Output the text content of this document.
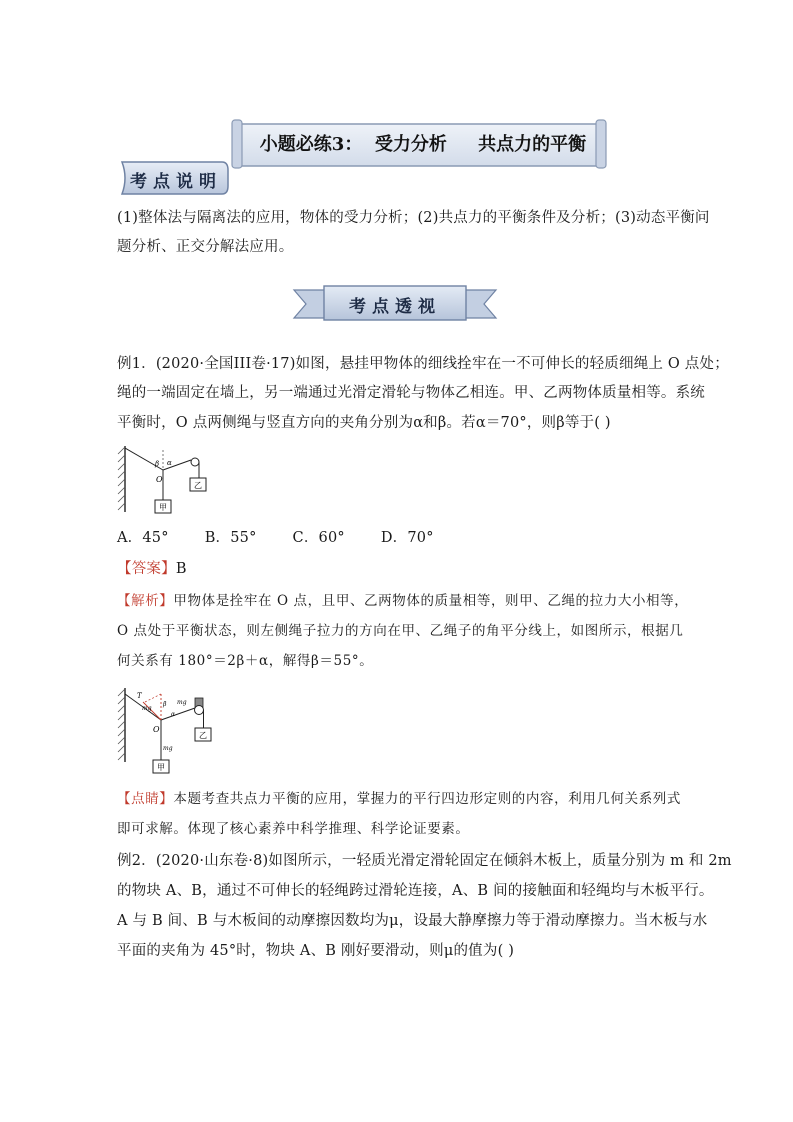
小题必练3：  受力分析     共点力的平衡
考点说明
(1)整体法与隔离法的应用，物体的受力分析；(2)共点力的平衡条件及分析；(3)动态平衡问
题分析、正交分解法应用。
考点透视
例1．(2020·全国III卷·17)如图，悬挂甲物体的细线拴牢在一不可伸长的轻质细绳上 O 点处；
绳的一端固定在墙上，另一端通过光滑定滑轮与物体乙相连。甲、乙两物体质量相等。系统
平衡时，O 点两侧绳与竖直方向的夹角分别为α和β。若α＝70°，则β等于( )
乙
甲
O
β α
A．45° B．55° C．60° D．70°
【答案】B
【解析】甲物体是拴牢在 O 点，且甲、乙两物体的质量相等，则甲、乙绳的拉力大小相等，
O 点处于平衡状态，则左侧绳子拉力的方向在甲、乙绳子的角平分线上，如图所示，根据几
何关系有 180°＝2β＋α，解得β＝55°。
乙
甲
O
T
mg
mg
mg
β
α
【点睛】本题考查共点力平衡的应用，掌握力的平行四边形定则的内容，利用几何关系列式
即可求解。体现了核心素养中科学推理、科学论证要素。
例2．(2020·山东卷·8)如图所示，一轻质光滑定滑轮固定在倾斜木板上，质量分别为 m 和 2m
的物块 A、B，通过不可伸长的轻绳跨过滑轮连接，A、B 间的接触面和轻绳均与木板平行。
A 与 B 间、B 与木板间的动摩擦因数均为μ，设最大静摩擦力等于滑动摩擦力。当木板与水
平面的夹角为 45°时，物块 A、B 刚好要滑动，则μ的值为( )
